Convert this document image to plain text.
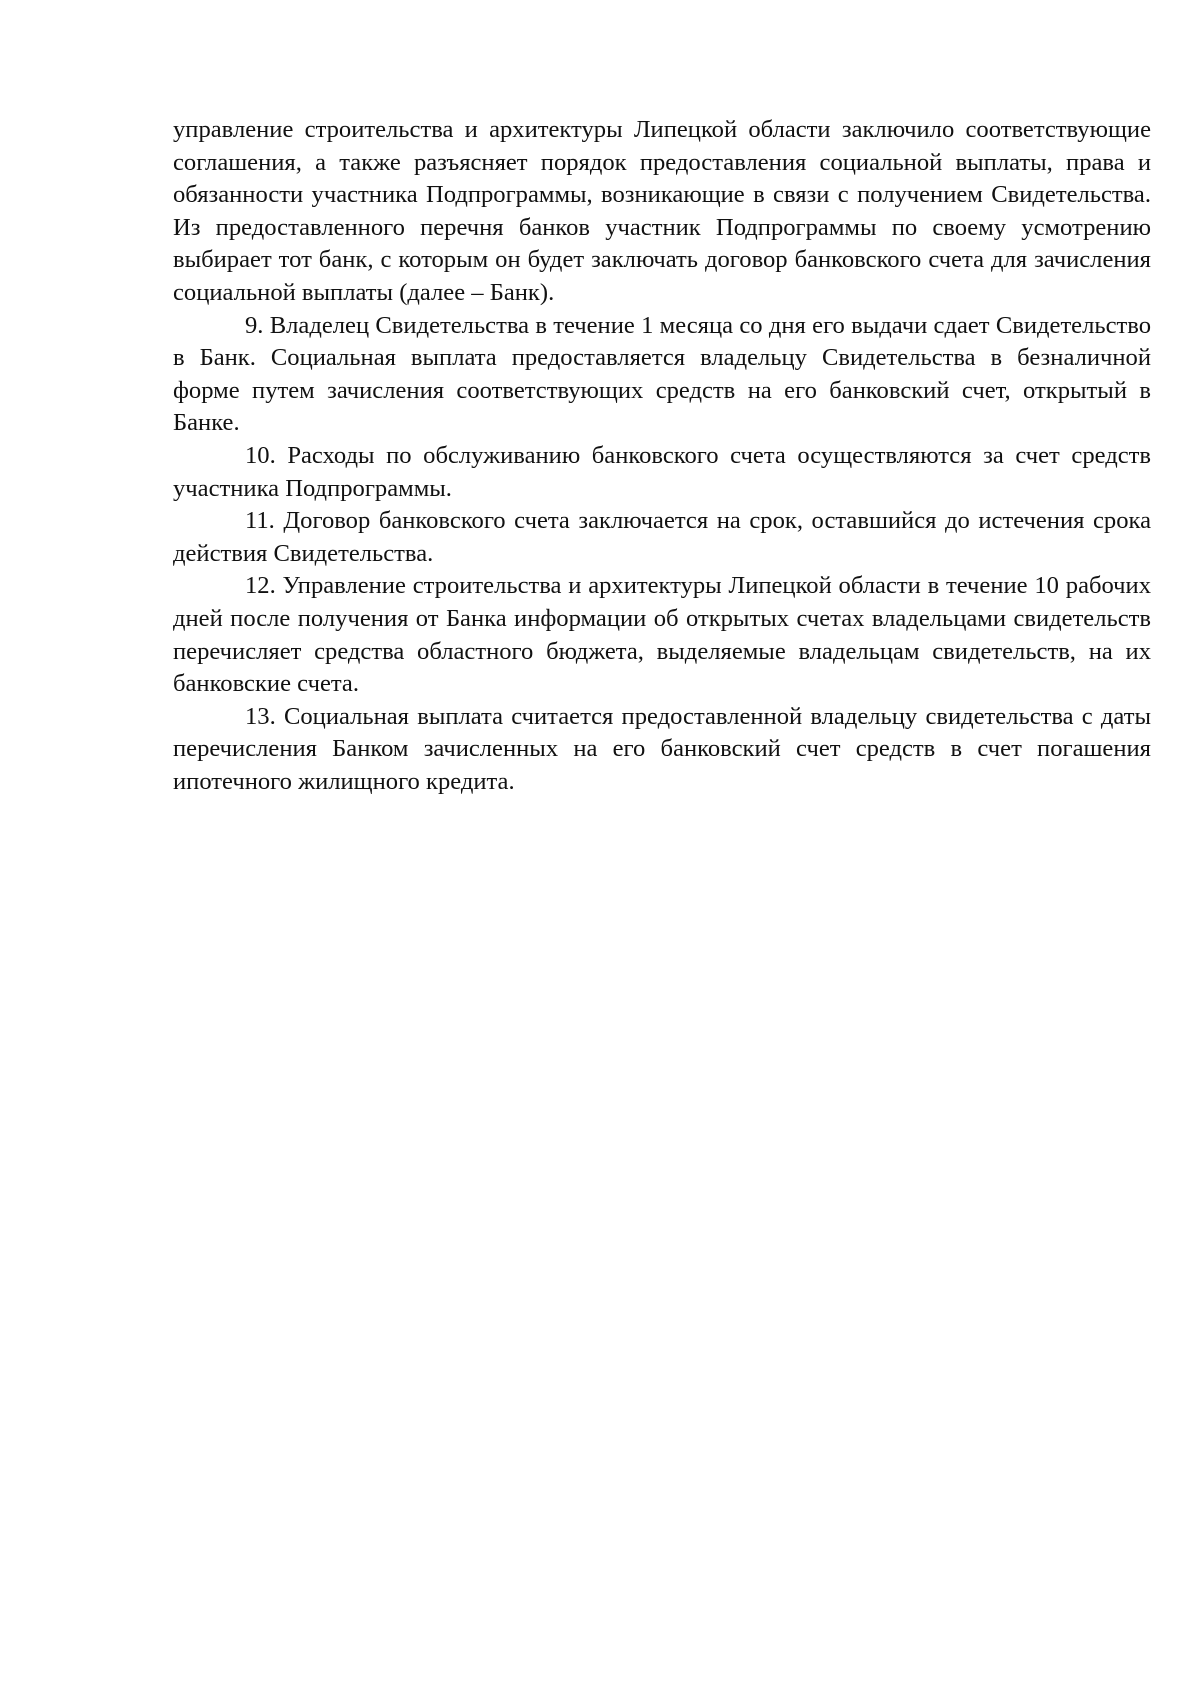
управление строительства и архитектуры Липецкой области заключило соответствующие соглашения, а также разъясняет порядок предоставления социальной выплаты, права и обязанности участника Подпрограммы, возникающие в связи с получением Свидетельства. Из предоставленного перечня банков участник Подпрограммы по своему усмотрению выбирает тот банк, с которым он будет заключать договор банковского счета для зачисления социальной выплаты (далее – Банк).

9. Владелец Свидетельства в течение 1 месяца со дня его выдачи сдает Свидетельство в Банк. Социальная выплата предоставляется владельцу Свидетельства в безналичной форме путем зачисления соответствующих средств на его банковский счет, открытый в Банке.

10. Расходы по обслуживанию банковского счета осуществляются за счет средств участника Подпрограммы.

11. Договор банковского счета заключается на срок, оставшийся до истечения срока действия Свидетельства.

12. Управление строительства и архитектуры Липецкой области в течение 10 рабочих дней после получения от Банка информации об открытых счетах владельцами свидетельств перечисляет средства областного бюджета, выделяемые владельцам свидетельств, на их банковские счета.

13. Социальная выплата считается предоставленной владельцу свидетельства с даты перечисления Банком зачисленных на его банковский счет средств в счет погашения ипотечного жилищного кредита.
